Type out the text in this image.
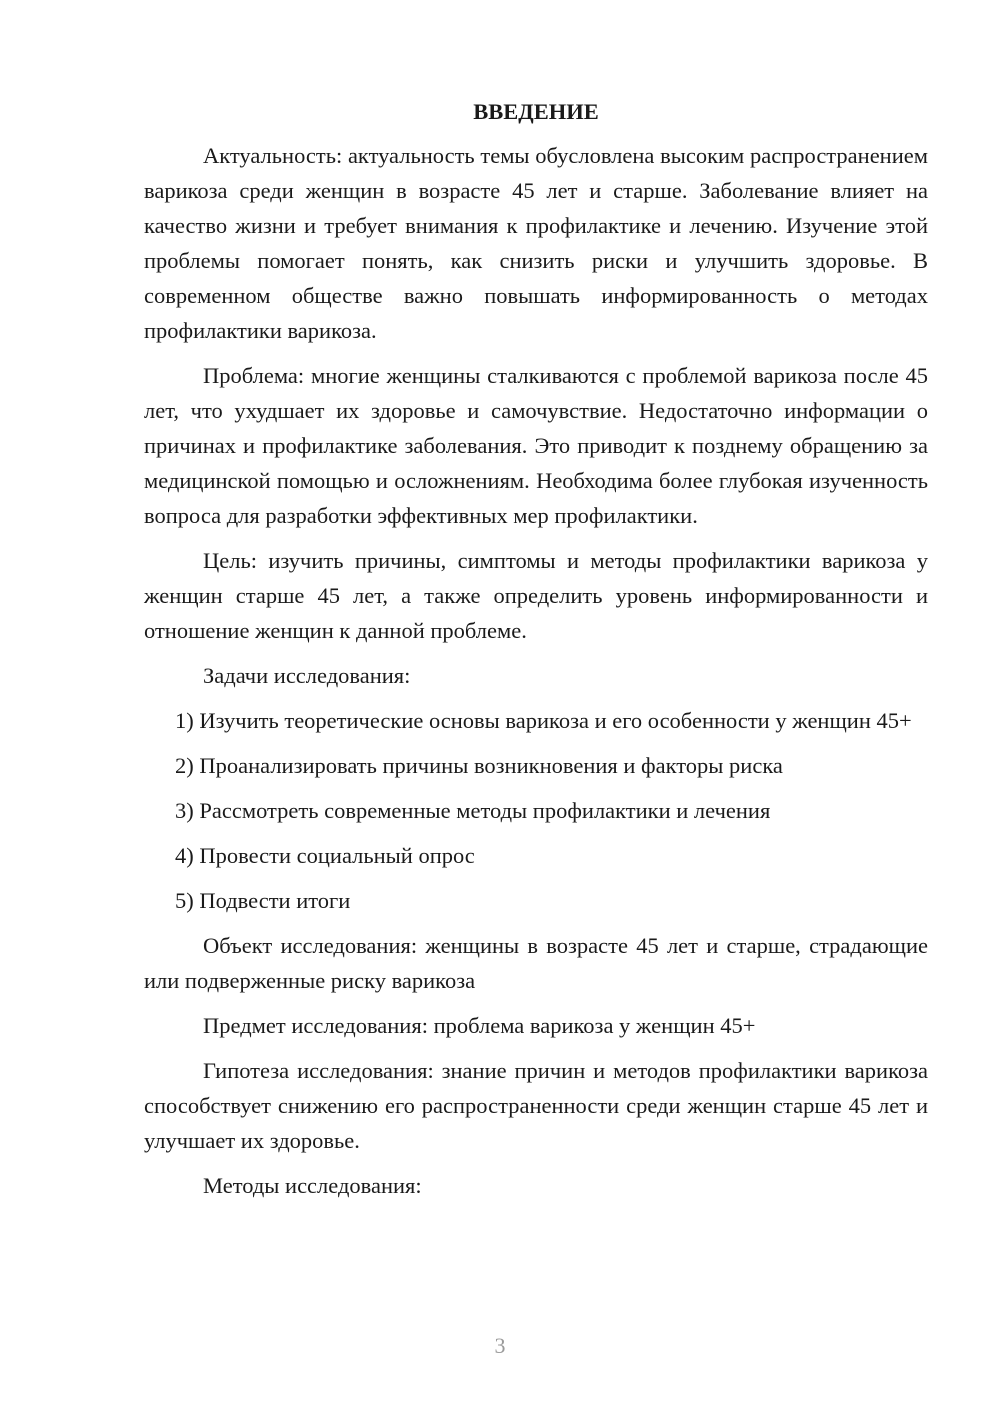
ВВЕДЕНИЕ

Актуальность: актуальность темы обусловлена высоким распространением варикоза среди женщин в возрасте 45 лет и старше. Заболевание влияет на качество жизни и требует внимания к профилактике и лечению. Изучение этой проблемы помогает понять, как снизить риски и улучшить здоровье. В современном обществе важно повышать информированность о методах профилактики варикоза.

Проблема: многие женщины сталкиваются с проблемой варикоза после 45 лет, что ухудшает их здоровье и самочувствие. Недостаточно информации о причинах и профилактике заболевания. Это приводит к позднему обращению за медицинской помощью и осложнениям. Необходима более глубокая изученность вопроса для разработки эффективных мер профилактики.

Цель: изучить причины, симптомы и методы профилактики варикоза у женщин старше 45 лет, а также определить уровень информированности и отношение женщин к данной проблеме.

Задачи исследования:

1) Изучить теоретические основы варикоза и его особенности у женщин 45+

2) Проанализировать причины возникновения и факторы риска

3) Рассмотреть современные методы профилактики и лечения

4) Провести социальный опрос

5) Подвести итоги

Объект исследования: женщины в возрасте 45 лет и старше, страдающие или подверженные риску варикоза

Предмет исследования: проблема варикоза у женщин 45+

Гипотеза исследования: знание причин и методов профилактики варикоза способствует снижению его распространенности среди женщин старше 45 лет и улучшает их здоровье.

Методы исследования:

3
